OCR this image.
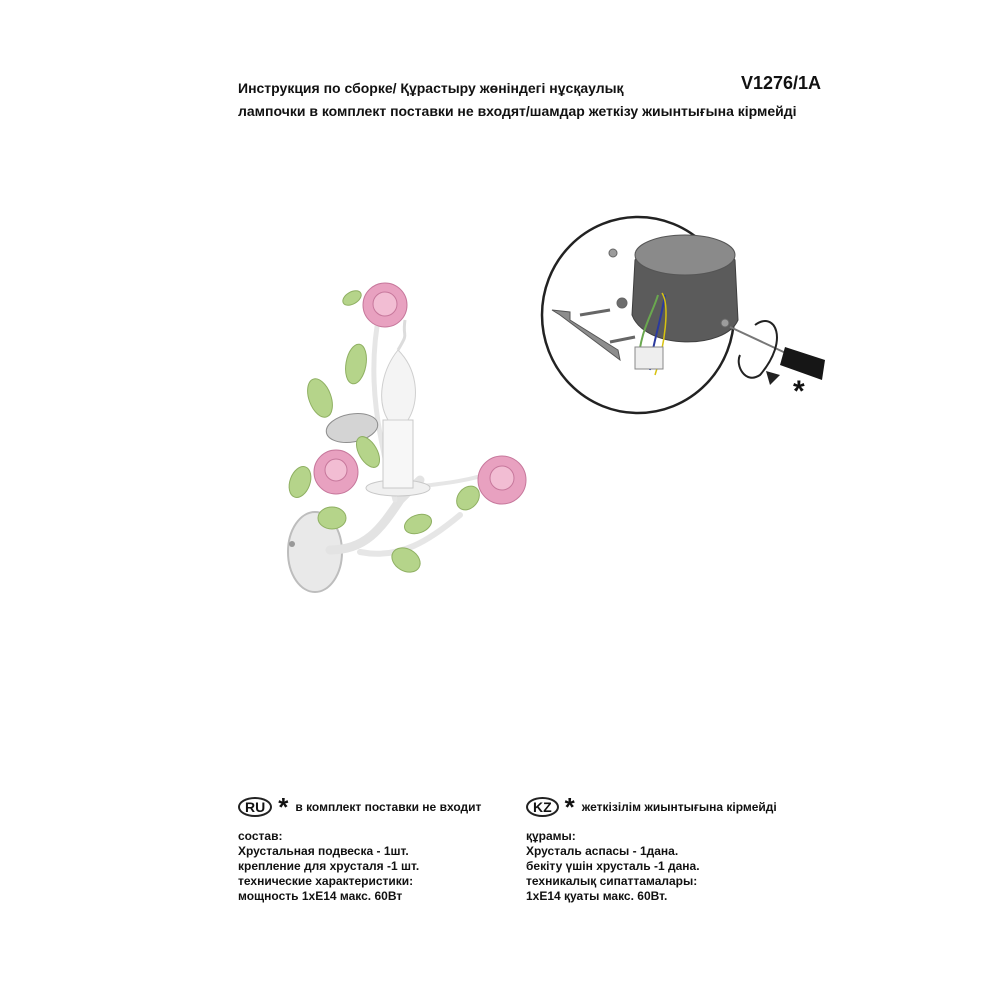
Инструкция по сборке/ Құрастыру жөніндегі нұсқаулық	V1276/1A
лампочки в комплект поставки не входят/шамдар жеткізу жиынтығына кірмейді
*
RU * в комплект поставки не входит
состав:
Хрустальная подвеска - 1шт.
крепление для хрусталя -1 шт.
технические характеристики:
мощность 1хЕ14 макс. 60Вт
KZ * жеткізілім жиынтығына кірмейді
құрамы:
Хрусталь аспасы - 1дана.
бекіту үшін хрусталь -1 дана.
техникалық сипаттамалары:
1хЕ14 қуаты макс. 60Вт.
